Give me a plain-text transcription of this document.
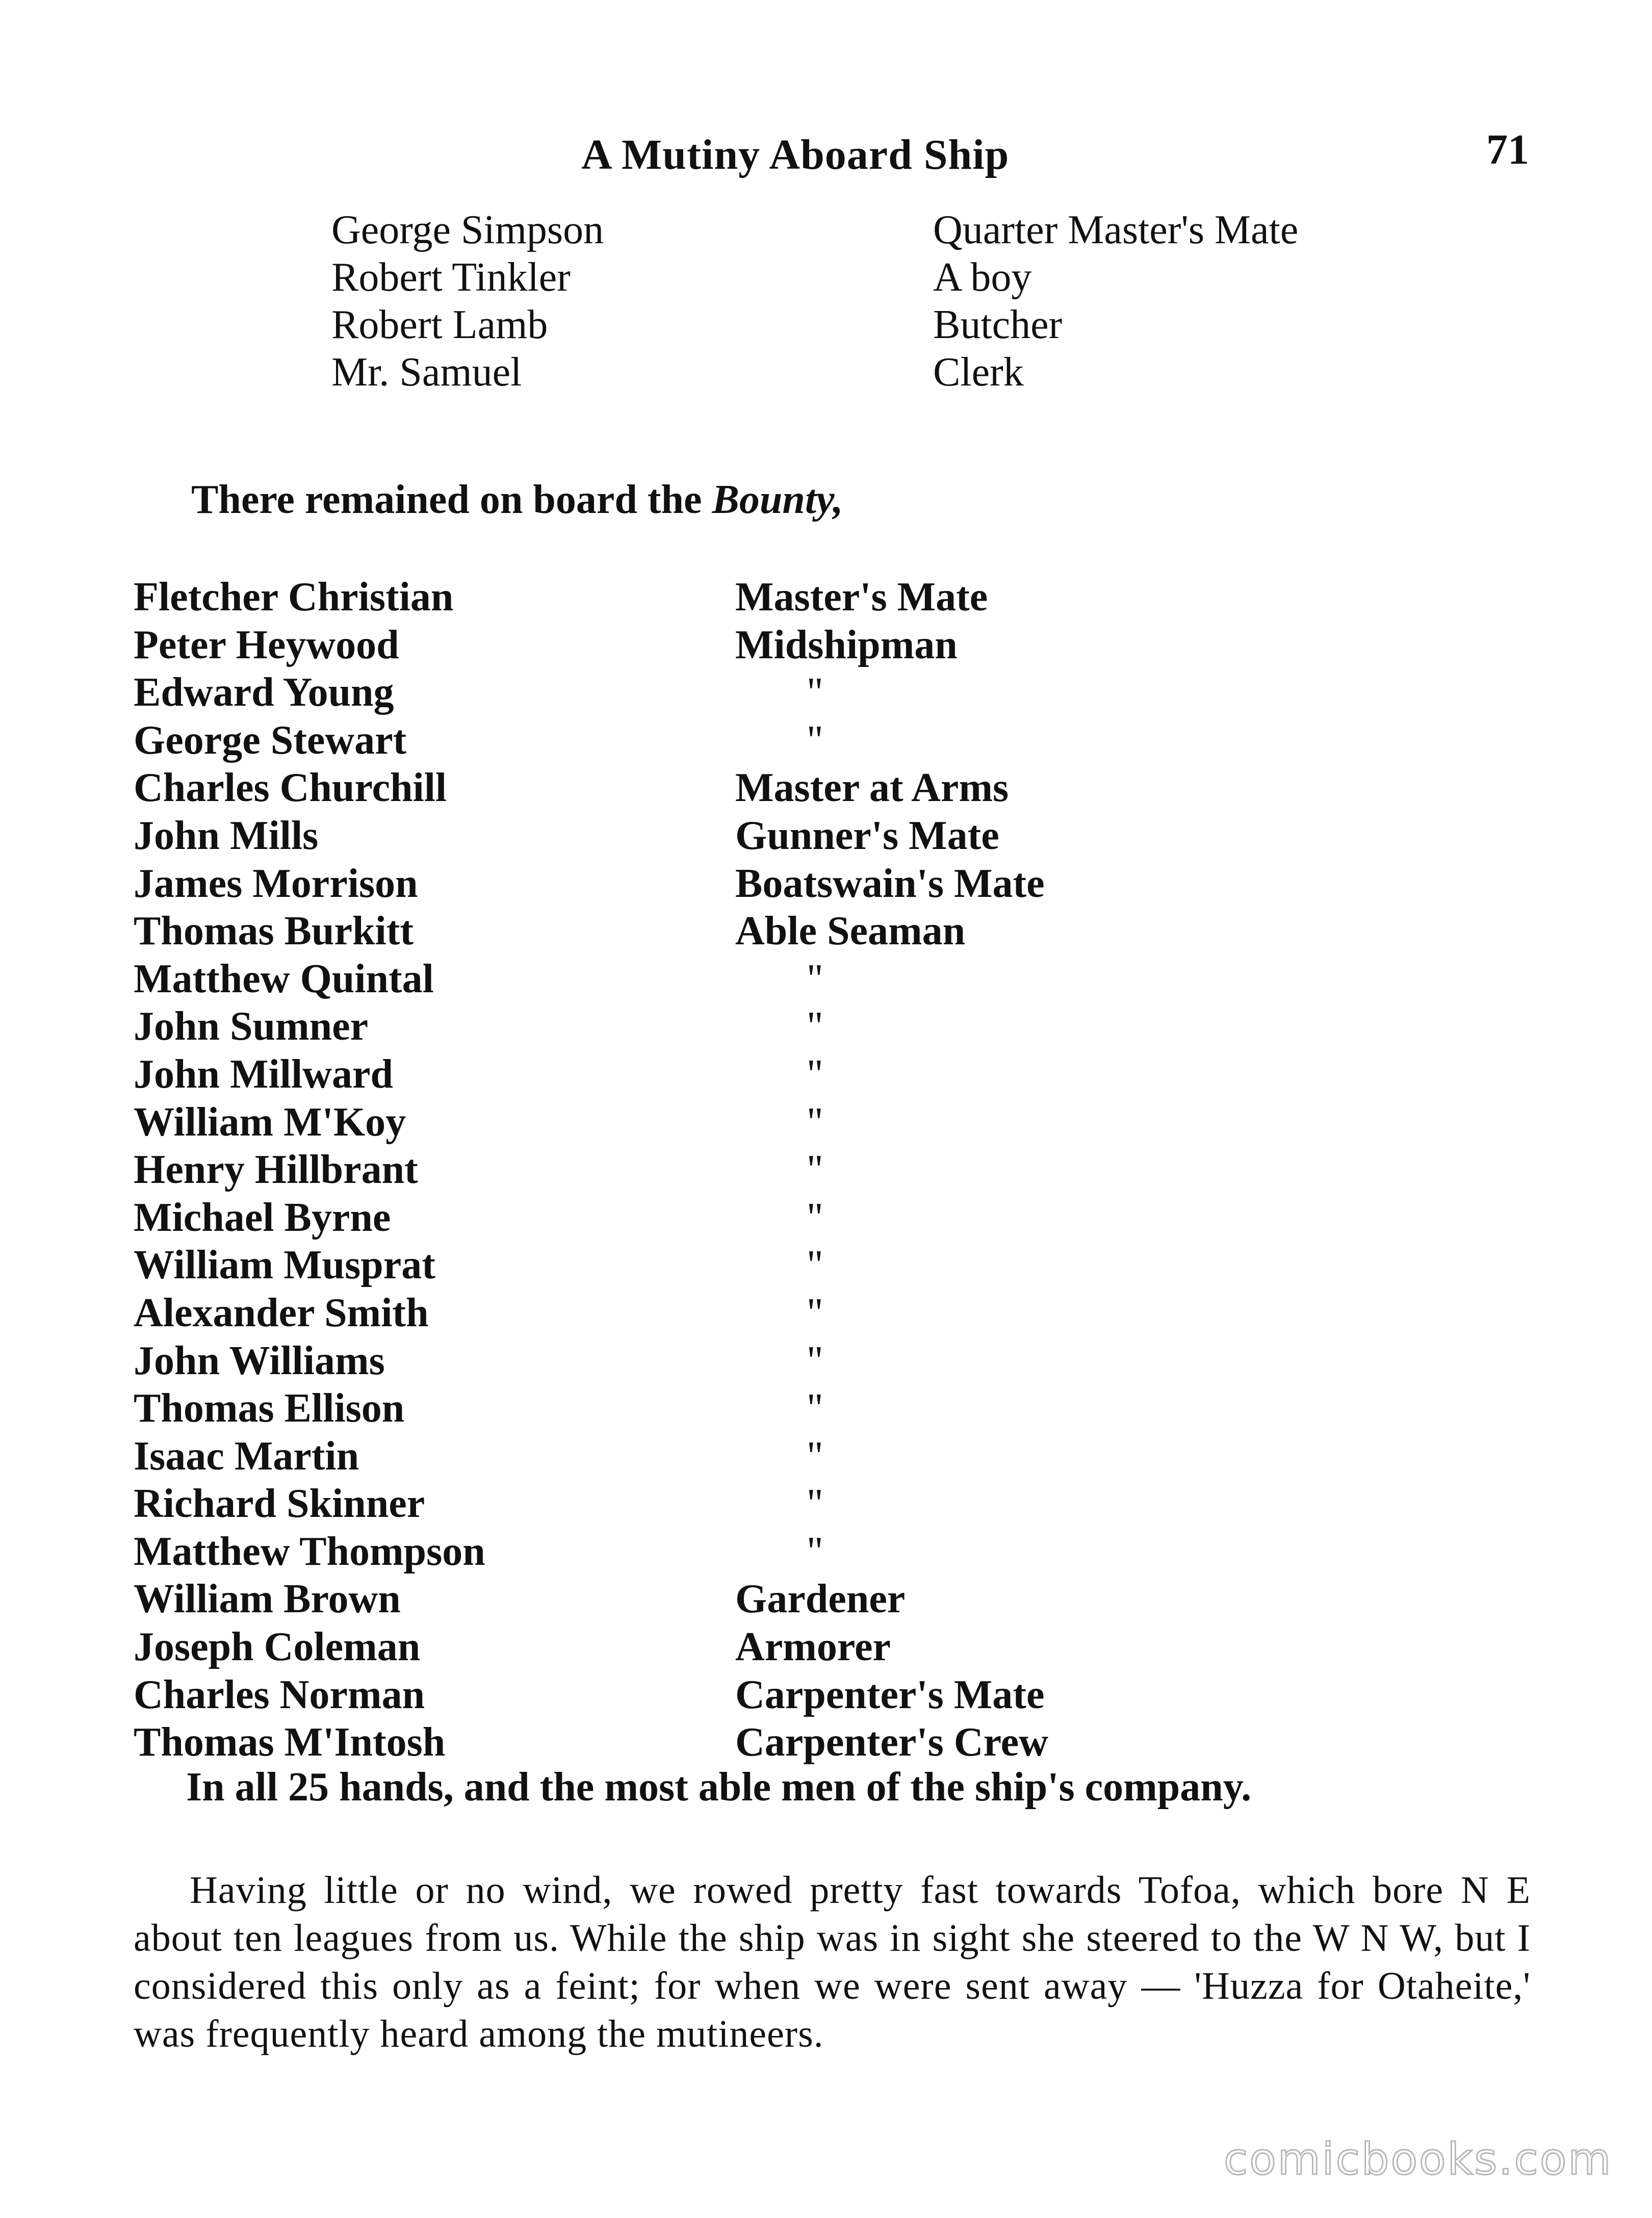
A Mutiny Aboard Ship	71
George Simpson	Quarter Master's Mate
Robert Tinkler	A boy
Robert Lamb	Butcher
Mr. Samuel	Clerk
There remained on board the Bounty,
Fletcher Christian	Master's Mate
Peter Heywood	Midshipman
Edward Young	"
George Stewart	"
Charles Churchill	Master at Arms
John Mills	Gunner's Mate
James Morrison	Boatswain's Mate
Thomas Burkitt	Able Seaman
Matthew Quintal	"
John Sumner	"
John Millward	"
William M'Koy	"
Henry Hillbrant	"
Michael Byrne	"
William Musprat	"
Alexander Smith	"
John Williams	"
Thomas Ellison	"
Isaac Martin	"
Richard Skinner	"
Matthew Thompson	"
William Brown	Gardener
Joseph Coleman	Armorer
Charles Norman	Carpenter's Mate
Thomas M'Intosh	Carpenter's Crew
In all 25 hands, and the most able men of the ship's company.
Having little or no wind, we rowed pretty fast towards Tofoa, which bore N E about ten leagues from us. While the ship was in sight she steered to the W N W, but I considered this only as a feint; for when we were sent away — 'Huzza for Otaheite,' was frequently heard among the mutineers.
comicbooks.com
